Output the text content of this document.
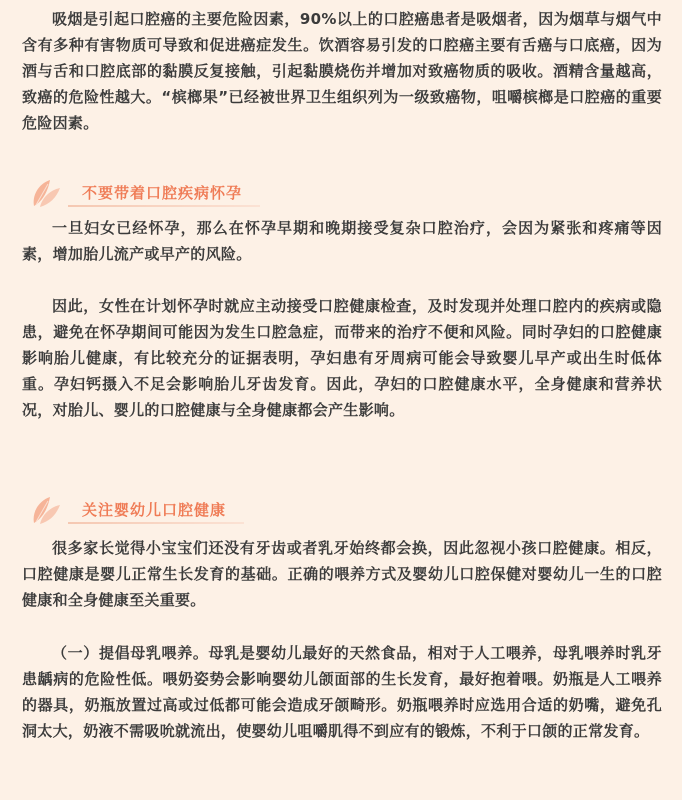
吸烟是引起口腔癌的主要危险因素，90%以上的口腔癌患者是吸烟者，因为烟草与烟气中含有多种有害物质可导致和促进癌症发生。饮酒容易引发的口腔癌主要有舌癌与口底癌，因为酒与舌和口腔底部的黏膜反复接触，引起黏膜烧伤并增加对致癌物质的吸收。酒精含量越高，致癌的危险性越大。“槟榔果”已经被世界卫生组织列为一级致癌物，咀嚼槟榔是口腔癌的重要危险因素。

不要带着口腔疾病怀孕

一旦妇女已经怀孕，那么在怀孕早期和晚期接受复杂口腔治疗，会因为紧张和疼痛等因素，增加胎儿流产或早产的风险。

因此，女性在计划怀孕时就应主动接受口腔健康检查，及时发现并处理口腔内的疾病或隐患，避免在怀孕期间可能因为发生口腔急症，而带来的治疗不便和风险。同时孕妇的口腔健康影响胎儿健康，有比较充分的证据表明，孕妇患有牙周病可能会导致婴儿早产或出生时低体重。孕妇钙摄入不足会影响胎儿牙齿发育。因此，孕妇的口腔健康水平，全身健康和营养状况，对胎儿、婴儿的口腔健康与全身健康都会产生影响。

关注婴幼儿口腔健康

很多家长觉得小宝宝们还没有牙齿或者乳牙始终都会换，因此忽视小孩口腔健康。相反，口腔健康是婴儿正常生长发育的基础。正确的喂养方式及婴幼儿口腔保健对婴幼儿一生的口腔健康和全身健康至关重要。

（一）提倡母乳喂养。母乳是婴幼儿最好的天然食品，相对于人工喂养，母乳喂养时乳牙患龋病的危险性低。喂奶姿势会影响婴幼儿颌面部的生长发育，最好抱着喂。奶瓶是人工喂养的器具，奶瓶放置过高或过低都可能会造成牙颌畸形。奶瓶喂养时应选用合适的奶嘴，避免孔洞太大，奶液不需吸吮就流出，使婴幼儿咀嚼肌得不到应有的锻炼，不利于口颌的正常发育。
